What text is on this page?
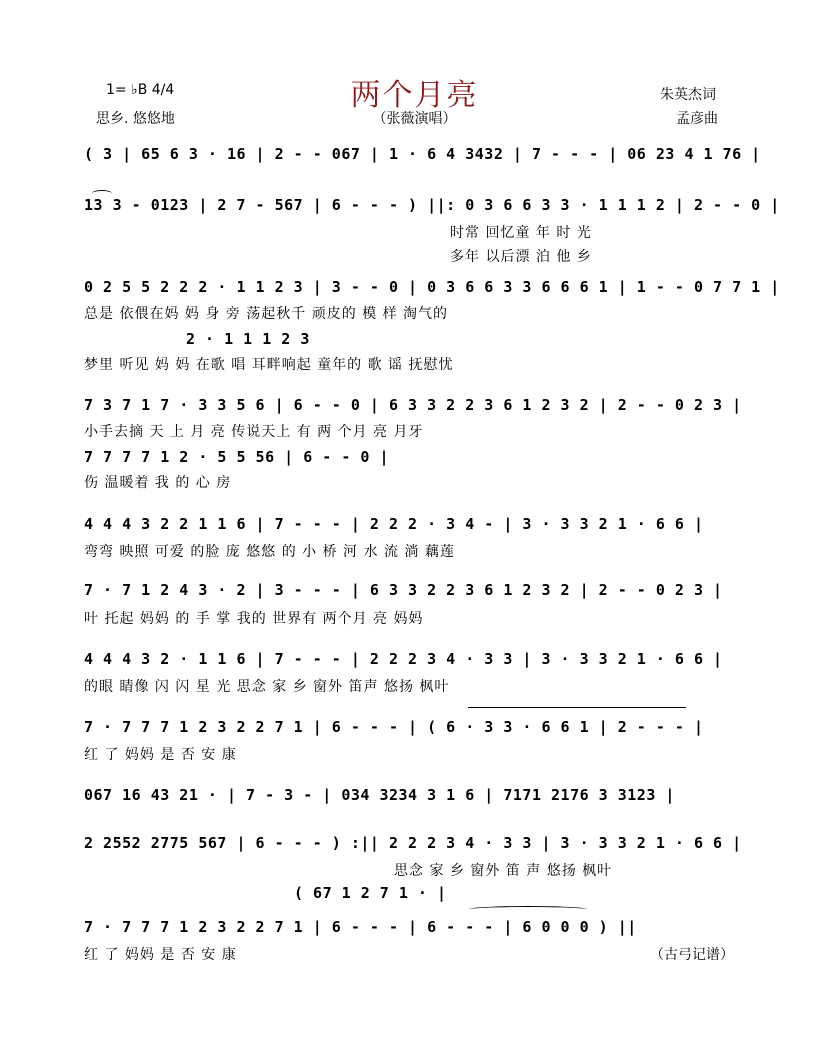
两个月亮
（张薇演唱）
1= ♭B 4/4
思乡. 悠悠地
朱英杰词
孟彦曲
( 3 | 65 6 3 · 16 | 2 - - 067 | 1 · 6 4 3432 | 7 - - - | 06 23 4 1 76 |
13 3 - 0123 | 2 7 - 567 | 6 - - - ) ||: 0 3 6 6 3 3 · 1 1 1 2 | 2 - - 0 |
时常 回忆童 年 时 光
多年 以后漂 泊 他 乡
0 2 5 5 2 2 2 · 1 1 2 3 | 3 - - 0 | 0 3 6 6 3 3 6 6 6 1 | 1 - - 0 7 7 1 |
总是 依偎在妈 妈 身 旁 荡起秋千 顽皮的 模 样 淘气的
2 · 1 1 1 2 3
梦里 听见 妈 妈 在歌 唱 耳畔响起 童年的 歌 谣 抚慰忧
7 3 7 1 7 · 3 3 5 6 | 6 - - 0 | 6 3 3 2 2 3 6 1 2 3 2 | 2 - - 0 2 3 |
小手去摘 天 上 月 亮 传说天上 有 两 个月 亮 月牙
7 7 7 7 1 2 · 5 5 56 | 6 - - 0 |
伤 温暖着 我 的 心 房
4 4 4 3 2 2 1 1 6 | 7 - - - | 2 2 2 · 3 4 - | 3 · 3 3 2 1 · 6 6 |
弯弯 映照 可爱 的脸 庞 悠悠 的 小 桥 河 水 流 淌 藕莲
7 · 7 1 2 4 3 · 2 | 3 - - - | 6 3 3 2 2 3 6 1 2 3 2 | 2 - - 0 2 3 |
叶 托起 妈妈 的 手 掌 我的 世界有 两个月 亮 妈妈
4 4 4 3 2 · 1 1 6 | 7 - - - | 2 2 2 3 4 · 3 3 | 3 · 3 3 2 1 · 6 6 |
的眼 睛像 闪 闪 星 光 思念 家 乡 窗外 笛声 悠扬 枫叶
7 · 7 7 7 1 2 3 2 2 7 1 | 6 - - - | ( 6 · 3 3 · 6 6 1 | 2 - - - |
红 了 妈妈 是 否 安 康
067 16 43 21 · | 7 - 3 - | 034 3234 3 1 6 | 7171 2176 3 3123 |
2 2552 2775 567 | 6 - - - ) :|| 2 2 2 3 4 · 3 3 | 3 · 3 3 2 1 · 6 6 |
思念 家 乡 窗外 笛 声 悠扬 枫叶
( 67 1 2 7 1 · |
7 · 7 7 7 1 2 3 2 2 7 1 | 6 - - - | 6 - - - | 6 0 0 0 ) ||
红 了 妈妈 是 否 安 康	（古弓记谱）
